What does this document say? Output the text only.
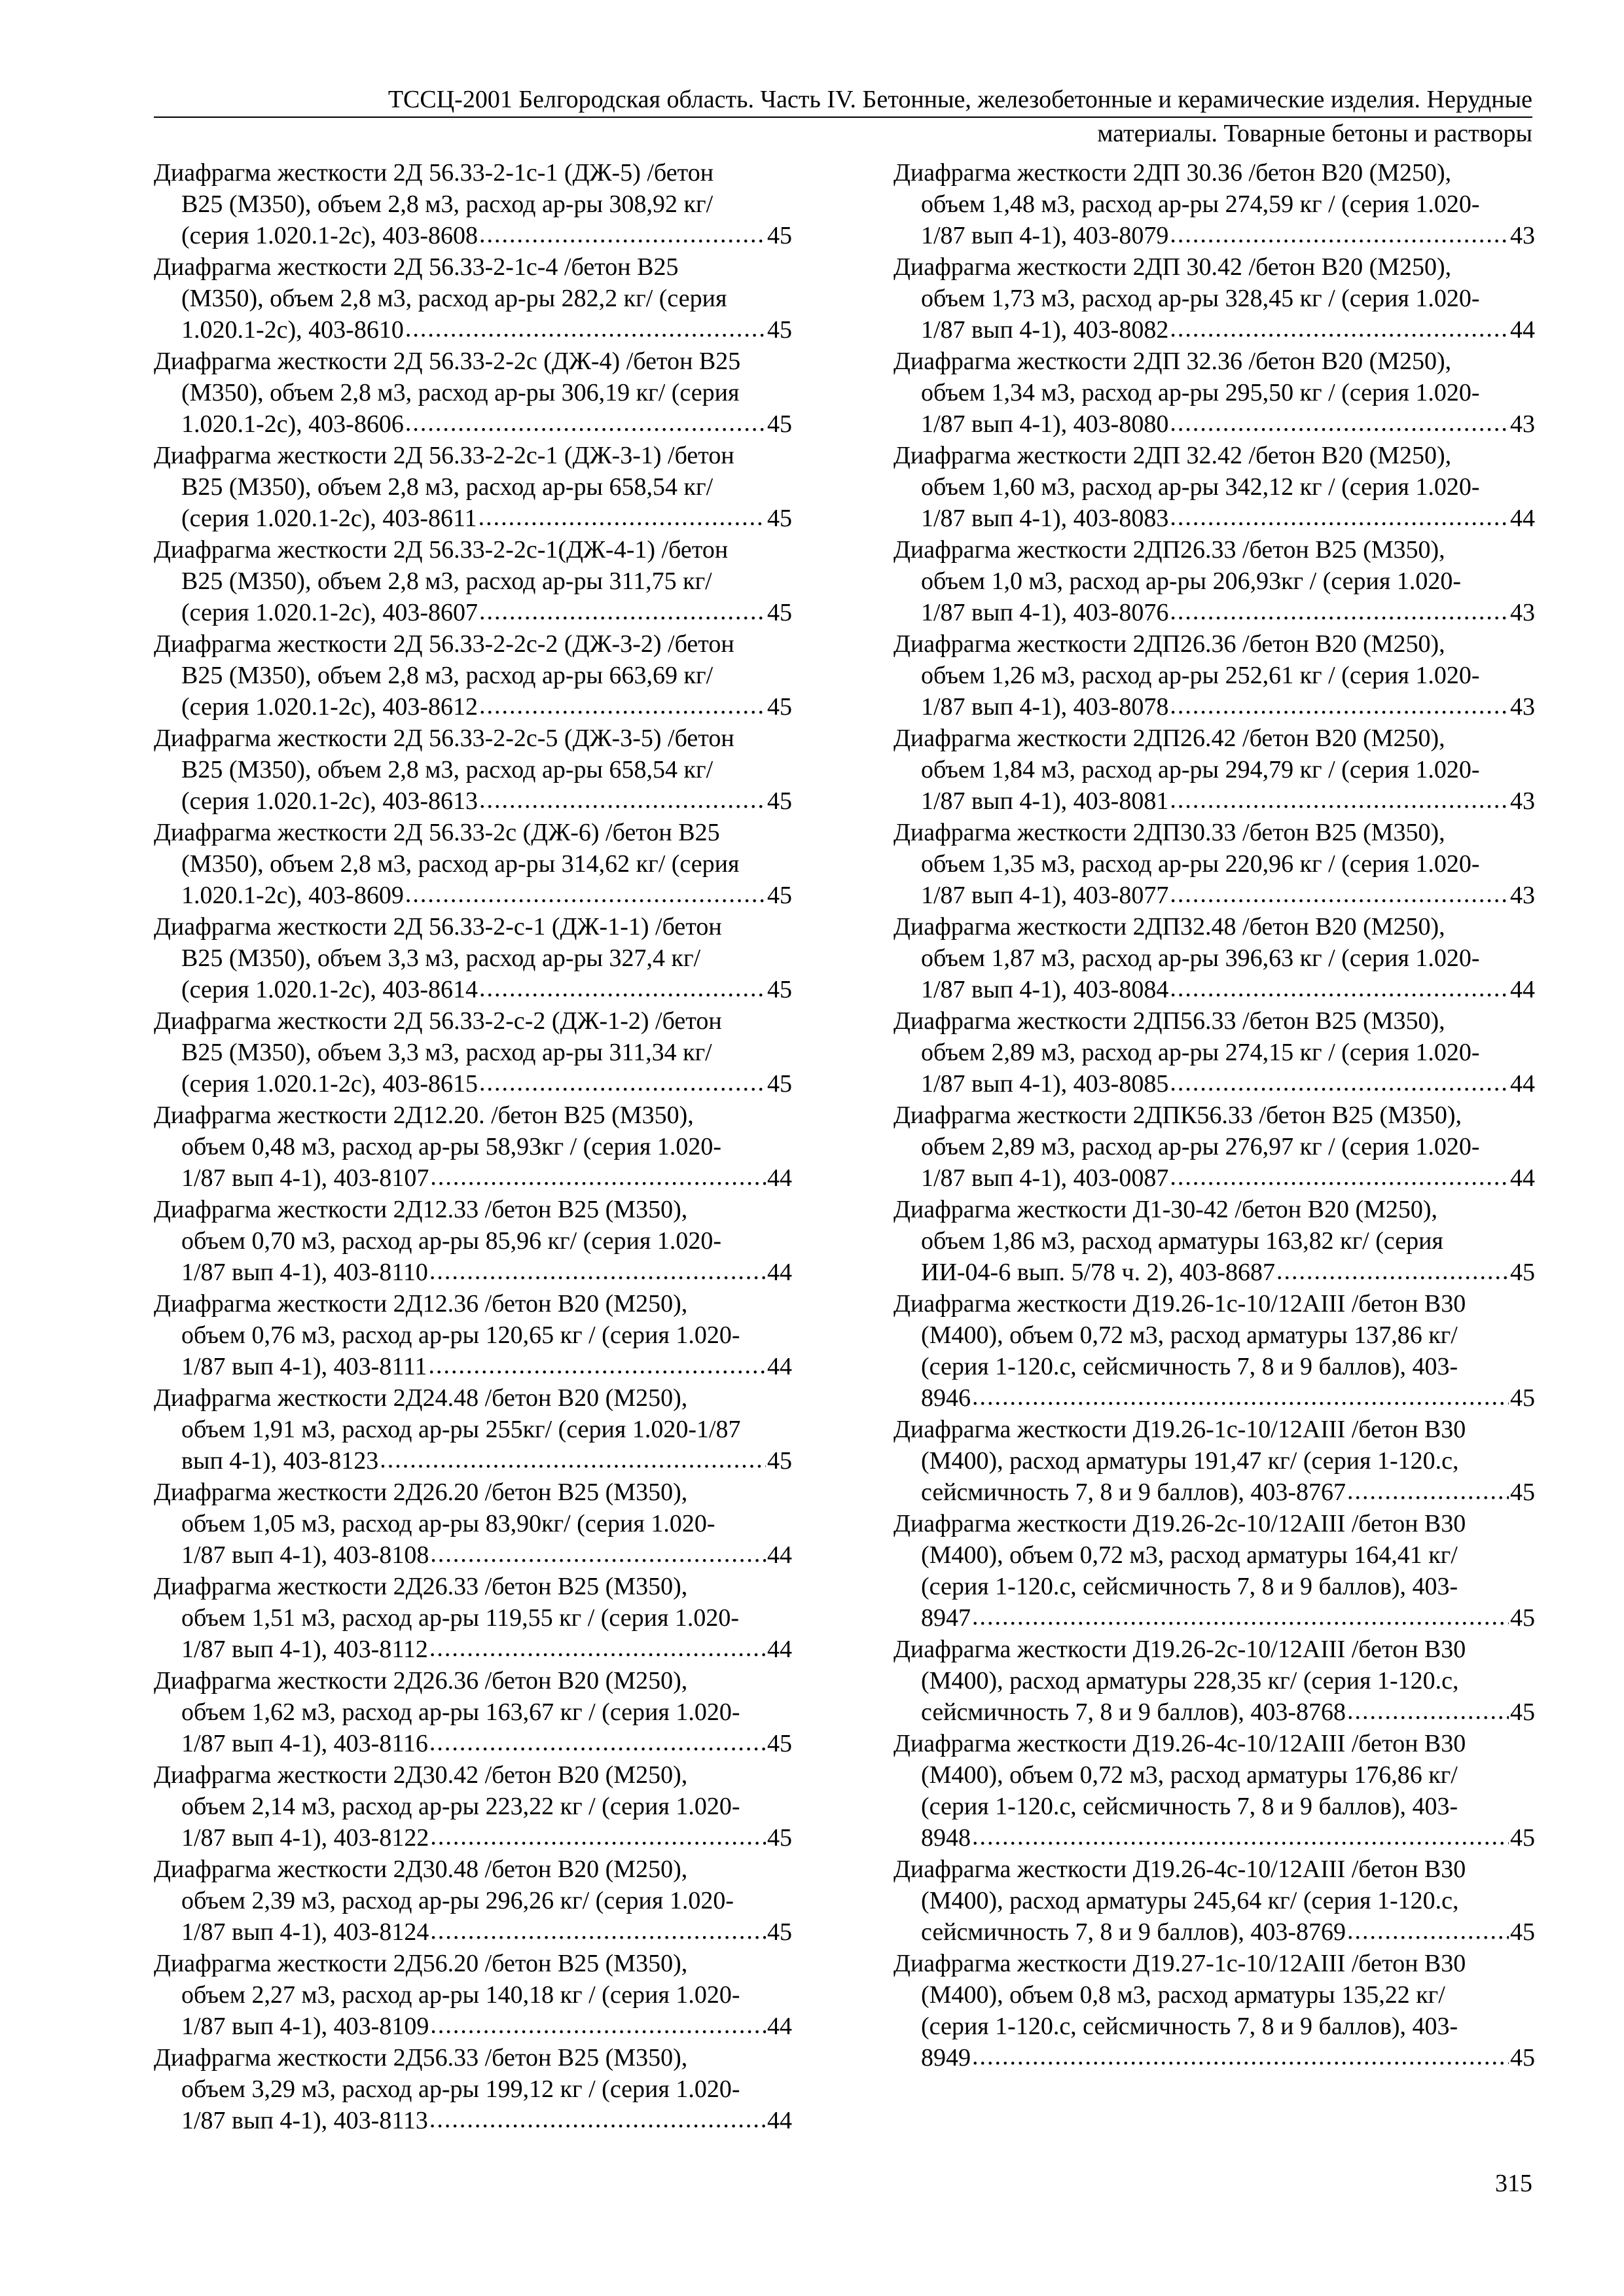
ТССЦ-2001 Белгородская область. Часть IV. Бетонные, железобетонные и керамические изделия. Нерудные
материалы. Товарные бетоны и растворы
Диафрагма жесткости 2Д 56.33-2-1с-1 (ДЖ-5) /бетон
В25 (М350), объем 2,8 м3, расход ар-ры 308,92 кг/
(серия 1.020.1-2с), 403-8608 .....	45
Диафрагма жесткости 2Д 56.33-2-1с-4 /бетон В25
(М350), объем 2,8 м3, расход ар-ры 282,2 кг/ (серия
1.020.1-2с), 403-8610 .....	45
Диафрагма жесткости 2Д 56.33-2-2с (ДЖ-4) /бетон В25
(М350), объем 2,8 м3, расход ар-ры 306,19 кг/ (серия
1.020.1-2с), 403-8606 .....	45
Диафрагма жесткости 2Д 56.33-2-2с-1 (ДЖ-3-1) /бетон
В25 (М350), объем 2,8 м3, расход ар-ры 658,54 кг/
(серия 1.020.1-2с), 403-8611 .....	45
Диафрагма жесткости 2Д 56.33-2-2с-1(ДЖ-4-1) /бетон
В25 (М350), объем 2,8 м3, расход ар-ры 311,75 кг/
(серия 1.020.1-2с), 403-8607 .....	45
Диафрагма жесткости 2Д 56.33-2-2с-2 (ДЖ-3-2) /бетон
В25 (М350), объем 2,8 м3, расход ар-ры 663,69 кг/
(серия 1.020.1-2с), 403-8612 .....	45
Диафрагма жесткости 2Д 56.33-2-2с-5 (ДЖ-3-5) /бетон
В25 (М350), объем 2,8 м3, расход ар-ры 658,54 кг/
(серия 1.020.1-2с), 403-8613 .....	45
Диафрагма жесткости 2Д 56.33-2с (ДЖ-6) /бетон В25
(М350), объем 2,8 м3, расход ар-ры 314,62 кг/ (серия
1.020.1-2с), 403-8609 .....	45
Диафрагма жесткости 2Д 56.33-2-с-1 (ДЖ-1-1) /бетон
В25 (М350), объем 3,3 м3, расход ар-ры 327,4 кг/
(серия 1.020.1-2с), 403-8614 .....	45
Диафрагма жесткости 2Д 56.33-2-с-2 (ДЖ-1-2) /бетон
В25 (М350), объем 3,3 м3, расход ар-ры 311,34 кг/
(серия 1.020.1-2с), 403-8615 .....	45
Диафрагма жесткости 2Д12.20. /бетон В25 (М350),
объем 0,48 м3, расход ар-ры 58,93кг / (серия 1.020-
1/87 вып 4-1), 403-8107 .....	44
Диафрагма жесткости 2Д12.33 /бетон В25 (М350),
объем 0,70 м3, расход ар-ры 85,96 кг/ (серия 1.020-
1/87 вып 4-1), 403-8110 .....	44
Диафрагма жесткости 2Д12.36 /бетон В20 (М250),
объем 0,76 м3, расход ар-ры 120,65 кг / (серия 1.020-
1/87 вып 4-1), 403-8111 .....	44
Диафрагма жесткости 2Д24.48 /бетон В20 (М250),
объем 1,91 м3, расход ар-ры 255кг/ (серия 1.020-1/87
вып 4-1), 403-8123 .....	45
Диафрагма жесткости 2Д26.20 /бетон В25 (М350),
объем 1,05 м3, расход ар-ры 83,90кг/ (серия 1.020-
1/87 вып 4-1), 403-8108 .....	44
Диафрагма жесткости 2Д26.33 /бетон В25 (М350),
объем 1,51 м3, расход ар-ры 119,55 кг / (серия 1.020-
1/87 вып 4-1), 403-8112 .....	44
Диафрагма жесткости 2Д26.36 /бетон В20 (М250),
объем 1,62 м3, расход ар-ры 163,67 кг / (серия 1.020-
1/87 вып 4-1), 403-8116 .....	45
Диафрагма жесткости 2Д30.42 /бетон В20 (М250),
объем 2,14 м3, расход ар-ры 223,22 кг / (серия 1.020-
1/87 вып 4-1), 403-8122 .....	45
Диафрагма жесткости 2Д30.48 /бетон В20 (М250),
объем 2,39 м3, расход ар-ры 296,26 кг/ (серия 1.020-
1/87 вып 4-1), 403-8124 .....	45
Диафрагма жесткости 2Д56.20 /бетон В25 (М350),
объем 2,27 м3, расход ар-ры 140,18 кг / (серия 1.020-
1/87 вып 4-1), 403-8109 .....	44
Диафрагма жесткости 2Д56.33 /бетон В25 (М350),
объем 3,29 м3, расход ар-ры 199,12 кг / (серия 1.020-
1/87 вып 4-1), 403-8113 .....	44
Диафрагма жесткости 2ДП 30.36 /бетон В20 (М250),
объем 1,48 м3, расход ар-ры 274,59 кг / (серия 1.020-
1/87 вып 4-1), 403-8079 .....	43
Диафрагма жесткости 2ДП 30.42 /бетон В20 (М250),
объем 1,73 м3, расход ар-ры 328,45 кг / (серия 1.020-
1/87 вып 4-1), 403-8082 .....	44
Диафрагма жесткости 2ДП 32.36 /бетон В20 (М250),
объем 1,34 м3, расход ар-ры 295,50 кг / (серия 1.020-
1/87 вып 4-1), 403-8080 .....	43
Диафрагма жесткости 2ДП 32.42 /бетон В20 (М250),
объем 1,60 м3, расход ар-ры 342,12 кг / (серия 1.020-
1/87 вып 4-1), 403-8083 .....	44
Диафрагма жесткости 2ДП26.33 /бетон В25 (М350),
объем 1,0 м3, расход ар-ры 206,93кг / (серия 1.020-
1/87 вып 4-1), 403-8076 .....	43
Диафрагма жесткости 2ДП26.36 /бетон В20 (М250),
объем 1,26 м3, расход ар-ры 252,61 кг / (серия 1.020-
1/87 вып 4-1), 403-8078 .....	43
Диафрагма жесткости 2ДП26.42 /бетон В20 (М250),
объем 1,84 м3, расход ар-ры 294,79 кг / (серия 1.020-
1/87 вып 4-1), 403-8081 .....	43
Диафрагма жесткости 2ДП30.33 /бетон В25 (М350),
объем 1,35 м3, расход ар-ры 220,96 кг / (серия 1.020-
1/87 вып 4-1), 403-8077 .....	43
Диафрагма жесткости 2ДП32.48 /бетон В20 (М250),
объем 1,87 м3, расход ар-ры 396,63 кг / (серия 1.020-
1/87 вып 4-1), 403-8084 .....	44
Диафрагма жесткости 2ДП56.33 /бетон В25 (М350),
объем 2,89 м3, расход ар-ры 274,15 кг / (серия 1.020-
1/87 вып 4-1), 403-8085 .....	44
Диафрагма жесткости 2ДПК56.33 /бетон В25 (М350),
объем 2,89 м3, расход ар-ры 276,97 кг / (серия 1.020-
1/87 вып 4-1), 403-0087 .....	44
Диафрагма жесткости Д1-30-42 /бетон В20 (М250),
объем 1,86 м3, расход арматуры 163,82 кг/ (серия
ИИ-04-6 вып. 5/78 ч. 2), 403-8687 .....	45
Диафрагма жесткости Д19.26-1с-10/12АIII /бетон В30
(М400), объем 0,72 м3, расход арматуры 137,86 кг/
(серия 1-120.с, сейсмичность 7, 8 и 9 баллов), 403-
8946 .....	45
Диафрагма жесткости Д19.26-1с-10/12АIII /бетон В30
(М400), расход арматуры 191,47 кг/ (серия 1-120.с,
сейсмичность 7, 8 и 9 баллов), 403-8767 .....	45
Диафрагма жесткости Д19.26-2с-10/12АIII /бетон В30
(М400), объем 0,72 м3, расход арматуры 164,41 кг/
(серия 1-120.с, сейсмичность 7, 8 и 9 баллов), 403-
8947 .....	45
Диафрагма жесткости Д19.26-2с-10/12АIII /бетон В30
(М400), расход арматуры 228,35 кг/ (серия 1-120.с,
сейсмичность 7, 8 и 9 баллов), 403-8768 .....	45
Диафрагма жесткости Д19.26-4с-10/12АIII /бетон В30
(М400), объем 0,72 м3, расход арматуры 176,86 кг/
(серия 1-120.с, сейсмичность 7, 8 и 9 баллов), 403-
8948 .....	45
Диафрагма жесткости Д19.26-4с-10/12АIII /бетон В30
(М400), расход арматуры 245,64 кг/ (серия 1-120.с,
сейсмичность 7, 8 и 9 баллов), 403-8769 .....	45
Диафрагма жесткости Д19.27-1с-10/12АIII /бетон В30
(М400), объем 0,8 м3, расход арматуры 135,22 кг/
(серия 1-120.с, сейсмичность 7, 8 и 9 баллов), 403-
8949 .....	45
315
